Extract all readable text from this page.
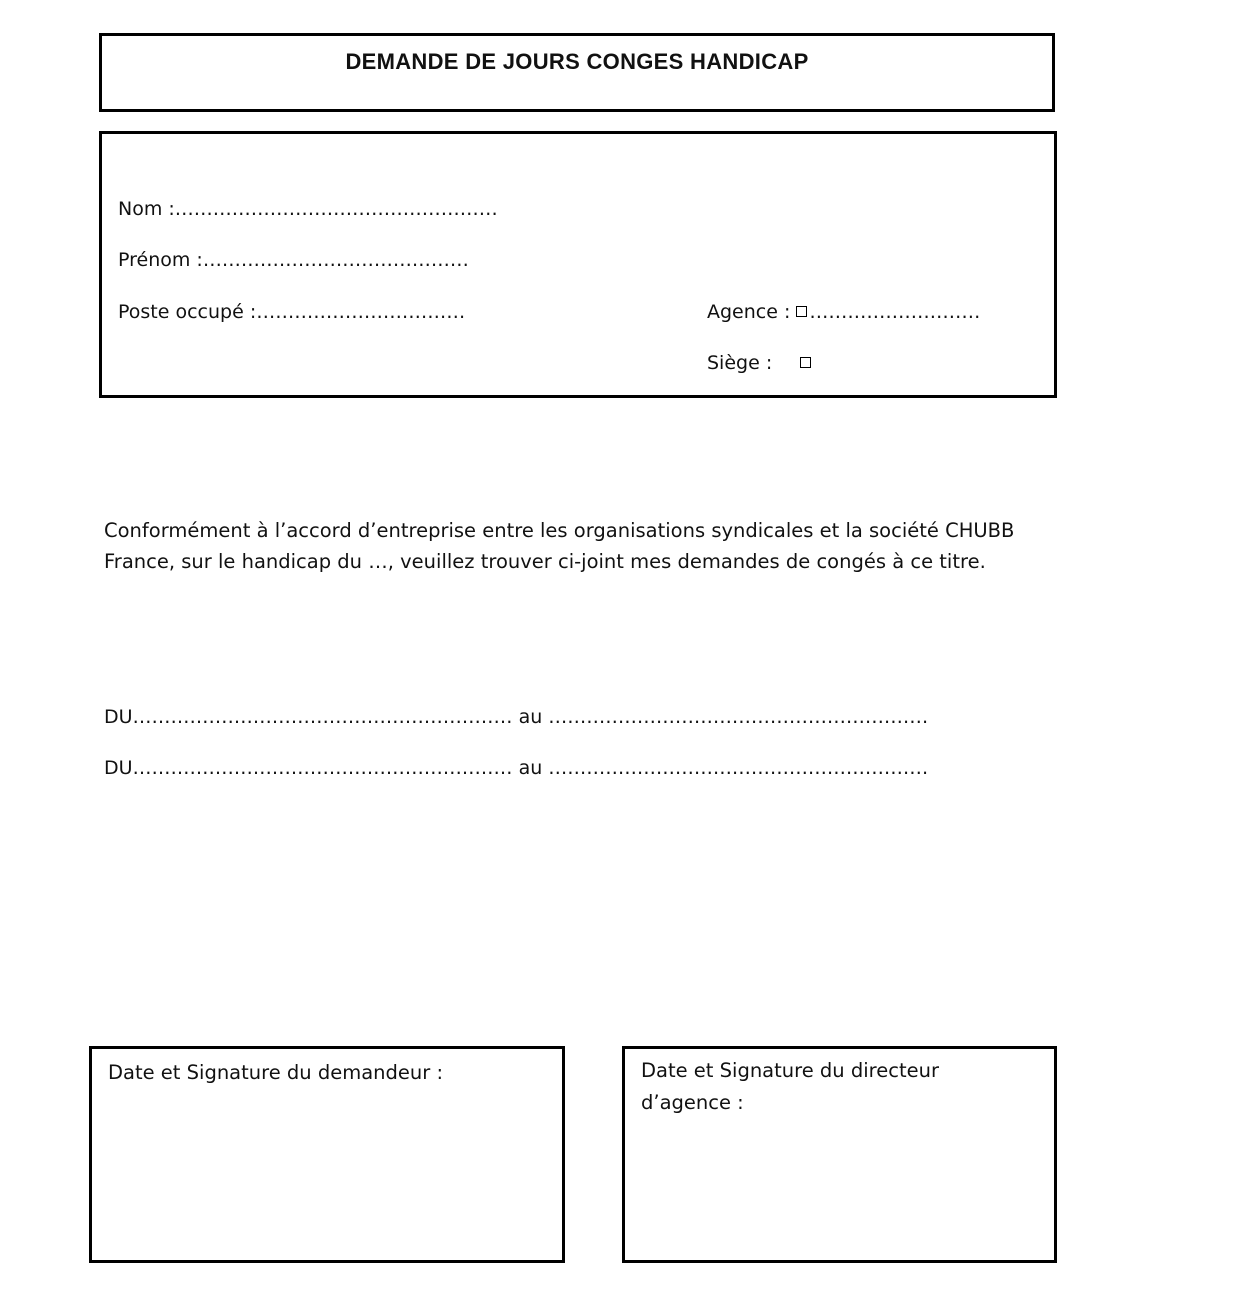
DEMANDE DE JOURS CONGES HANDICAP
Nom :……………………………………………
Prénom :……………………………………
Poste occupé :……………………………	Agence : ………………………
Siège :
Conformément à l’accord d’entreprise entre les organisations syndicales et la société CHUBB
France, sur le handicap du …, veuillez trouver ci-joint mes demandes de congés à ce titre.
DU…………………………………………………… au ……………………………………………………
DU…………………………………………………… au ……………………………………………………
Date et Signature du demandeur :	Date et Signature du directeur
d’agence :
